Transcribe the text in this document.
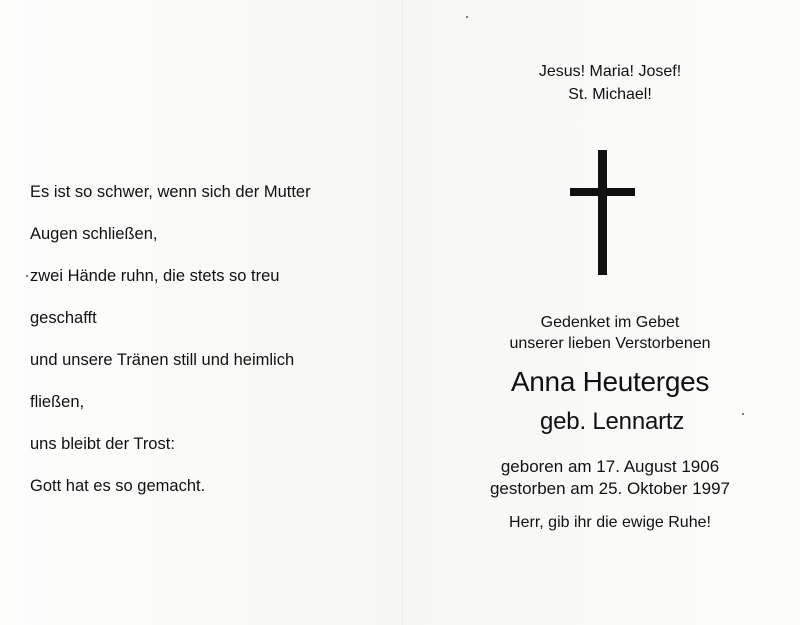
Es ist so schwer, wenn sich der Mutter

Augen schließen,

zwei Hände ruhn, die stets so treu

geschafft

und unsere Tränen still und heimlich

fließen,

uns bleibt der Trost:

Gott hat es so gemacht.

Jesus! Maria! Josef!
St. Michael!
Gedenket im Gebet
unserer lieben Verstorbenen
Anna Heuterges
geb. Lennartz
geboren am 17. August 1906
gestorben am 25. Oktober 1997
Herr, gib ihr die ewige Ruhe!
